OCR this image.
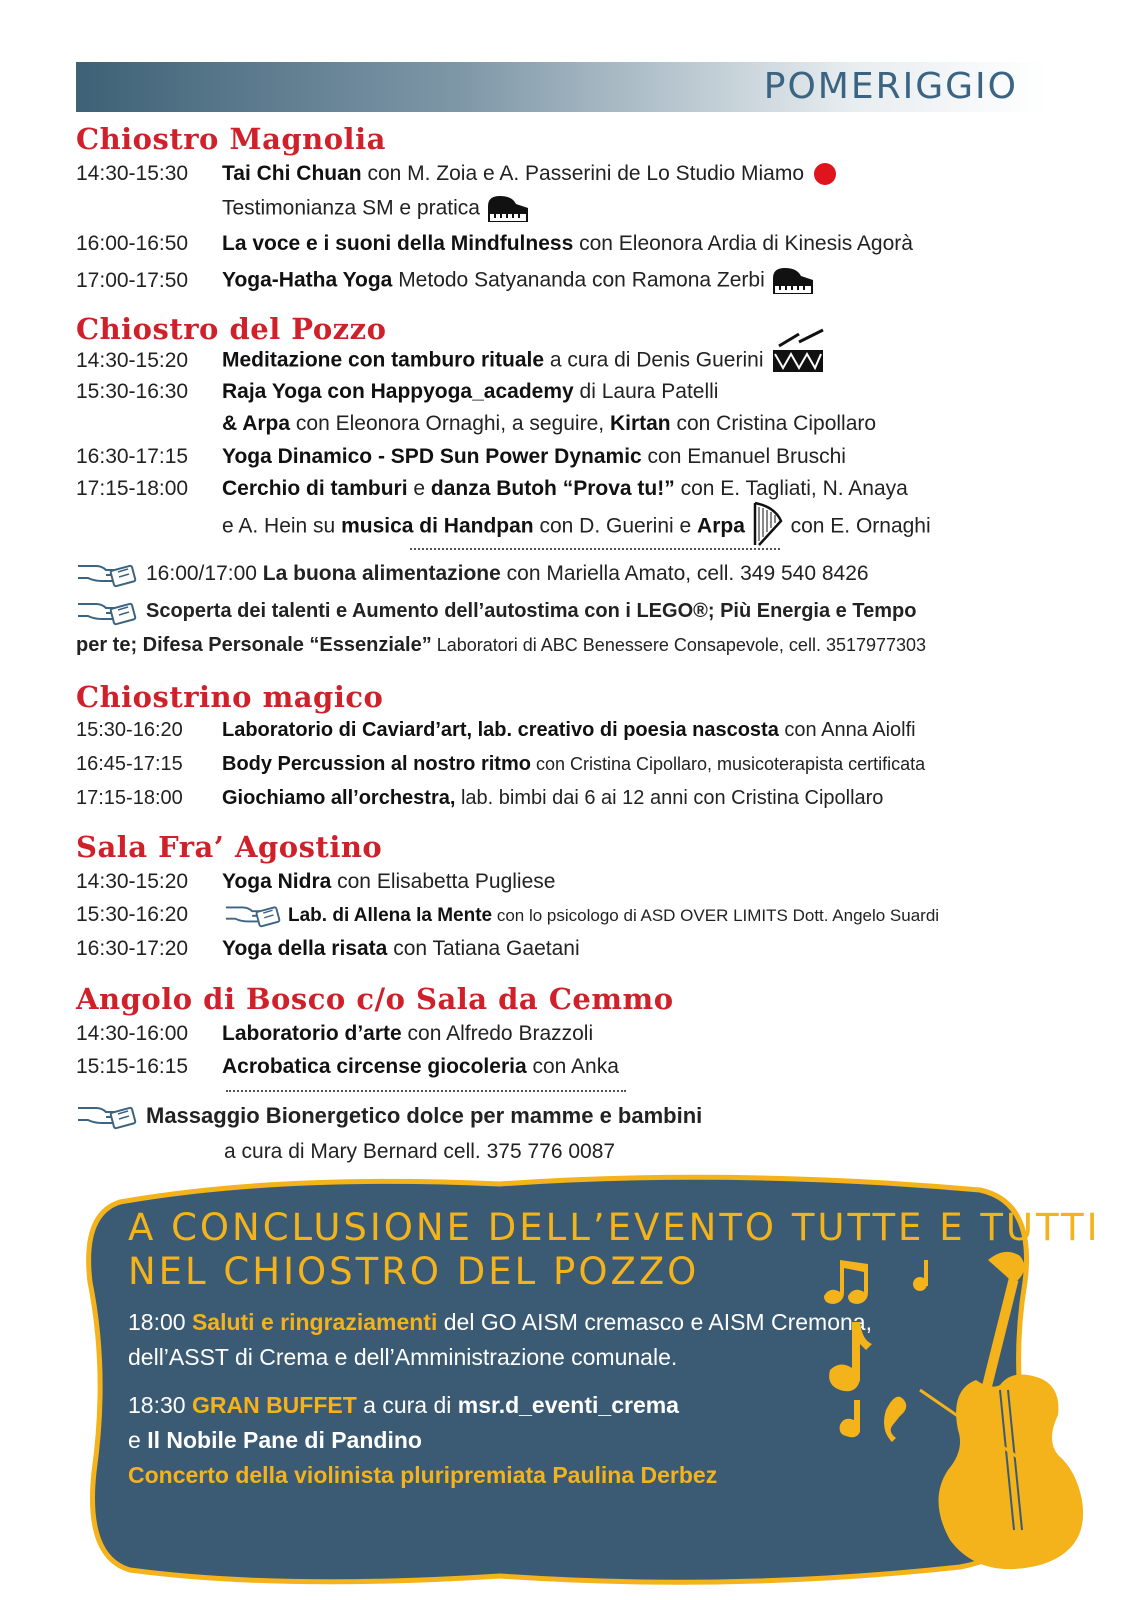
POMERIGGIO
Chiostro Magnolia
14:30-15:30 Tai Chi Chuan con M. Zoia e A. Passerini de Lo Studio Miamo
Testimonianza SM e pratica
16:00-16:50 La voce e i suoni della Mindfulness con Eleonora Ardia di Kinesis Agorà
17:00-17:50 Yoga-Hatha Yoga Metodo Satyananda con Ramona Zerbi
Chiostro del Pozzo
14:30-15:20 Meditazione con tamburo rituale a cura di Denis Guerini
15:30-16:30 Raja Yoga con Happyoga_academy di Laura Patelli
& Arpa con Eleonora Ornaghi, a seguire, Kirtan con Cristina Cipollaro
16:30-17:15 Yoga Dinamico - SPD Sun Power Dynamic con Emanuel Bruschi
17:15-18:00 Cerchio di tamburi e danza Butoh “Prova tu!” con E. Tagliati, N. Anaya
e A. Hein su musica di Handpan con D. Guerini e Arpa  con E. Ornaghi
16:00/17:00 La buona alimentazione con Mariella Amato, cell. 349 540 8426
Scoperta dei talenti e Aumento dell’autostima con i LEGO®; Più Energia e Tempo
per te; Difesa Personale “Essenziale” Laboratori di ABC Benessere Consapevole, cell. 3517977303
Chiostrino magico
15:30-16:20 Laboratorio di Caviard’art, lab. creativo di poesia nascosta con Anna Aiolfi
16:45-17:15 Body Percussion al nostro ritmo con Cristina Cipollaro, musicoterapista certificata
17:15-18:00 Giochiamo all’orchestra, lab. bimbi dai 6 ai 12 anni con Cristina Cipollaro
Sala Fra’ Agostino
14:30-15:20 Yoga Nidra con Elisabetta Pugliese
15:30-16:20	Lab. di Allena la Mente con lo psicologo di ASD OVER LIMITS Dott. Angelo Suardi
16:30-17:20 Yoga della risata con Tatiana Gaetani
Angolo di Bosco c/o Sala da Cemmo
14:30-16:00 Laboratorio d’arte con Alfredo Brazzoli
15:15-16:15 Acrobatica circense giocoleria con Anka
Massaggio Bionergetico dolce per mamme e bambini
a cura di Mary Bernard cell. 375 776 0087
A CONCLUSIONE DELL’EVENTO TUTTE E TUTTI
NEL CHIOSTRO DEL POZZO
18:00 Saluti e ringraziamenti del GO AISM cremasco e AISM Cremona,
dell’ASST di Crema e dell’Amministrazione comunale.
18:30 GRAN BUFFET a cura di msr.d_eventi_crema
e Il Nobile Pane di Pandino
Concerto della violinista pluripremiata Paulina Derbez
